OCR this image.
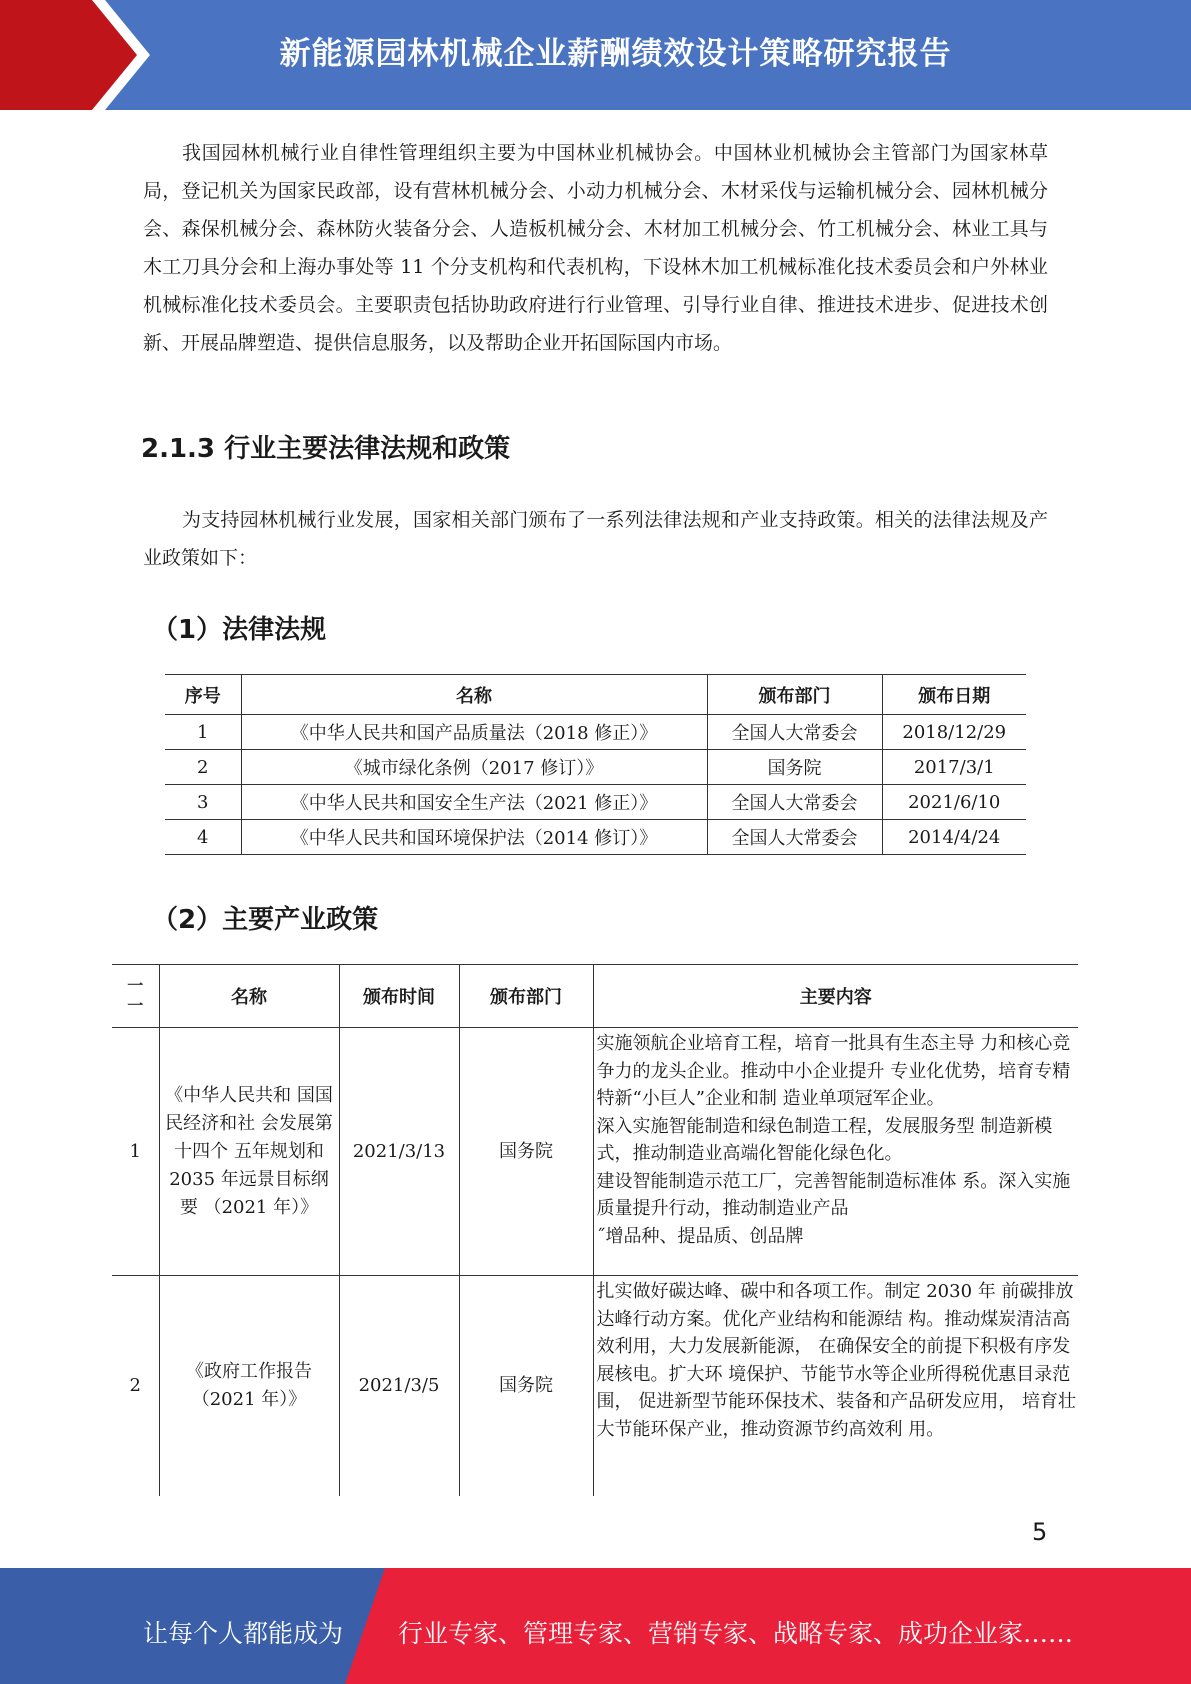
新能源园林机械企业薪酬绩效设计策略研究报告

我国园林机械行业自律性管理组织主要为中国林业机械协会。中国林业机械协会主管部门为国家林草局，登记机关为国家民政部，设有营林机械分会、小动力机械分会、木材采伐与运输机械分会、园林机械分会、森保机械分会、森林防火装备分会、人造板机械分会、木材加工机械分会、竹工机械分会、林业工具与木工刀具分会和上海办事处等 11 个分支机构和代表机构，下设林木加工机械标准化技术委员会和户外林业机械标准化技术委员会。主要职责包括协助政府进行行业管理、引导行业自律、推进技术进步、促进技术创新、开展品牌塑造、提供信息服务，以及帮助企业开拓国际国内市场。

2.1.3 行业主要法律法规和政策

为支持园林机械行业发展，国家相关部门颁布了一系列法律法规和产业支持政策。相关的法律法规及产业政策如下：

（1）法律法规
序号	名称	颁布部门	颁布日期
1	《中华人民共和国产品质量法（2018 修正）》	全国人大常委会	2018/12/29
2	《城市绿化条例（2017 修订）》	国务院	2017/3/1
3	《中华人民共和国安全生产法（2021 修正）》	全国人大常委会	2021/6/10
4	《中华人民共和国环境保护法（2014 修订）》	全国人大常委会	2014/4/24
（2）主要产业政策
一一	名称	颁布时间	颁布部门	主要内容
1	《中华人民共和 国国民经济和社 会发展第十四个 五年规划和 2035 年远景目标纲要 （2021 年）》	2021/3/13	国务院	实施领航企业培育工程，培育一批具有生态主导 力和核心竞争力的龙头企业。推动中小企业提升 专业化优势，培育专精特新“小巨人”企业和制 造业单项冠军企业。
深入实施智能制造和绿色制造工程，发展服务型 制造新模式，推动制造业高端化智能化绿色化。
建设智能制造示范工厂，完善智能制造标准体 系。深入实施质量提升行动，推动制造业产品
˝增品种、提品质、创品牌

2	《政府工作报告（2021 年）》	2021/3/5	国务院	扎实做好碳达峰、碳中和各项工作。制定 2030 年 前碳排放达峰行动方案。优化产业结构和能源结 构。推动煤炭清洁高效利用，大力发展新能源， 在确保安全的前提下积极有序发展核电。扩大环 境保护、节能节水等企业所得税优惠目录范围， 促进新型节能环保技术、装备和产品研发应用， 培育壮大节能环保产业，推动资源节约高效利 用。
5
让每个人都能成为 行业专家、管理专家、营销专家、战略专家、成功企业家……
